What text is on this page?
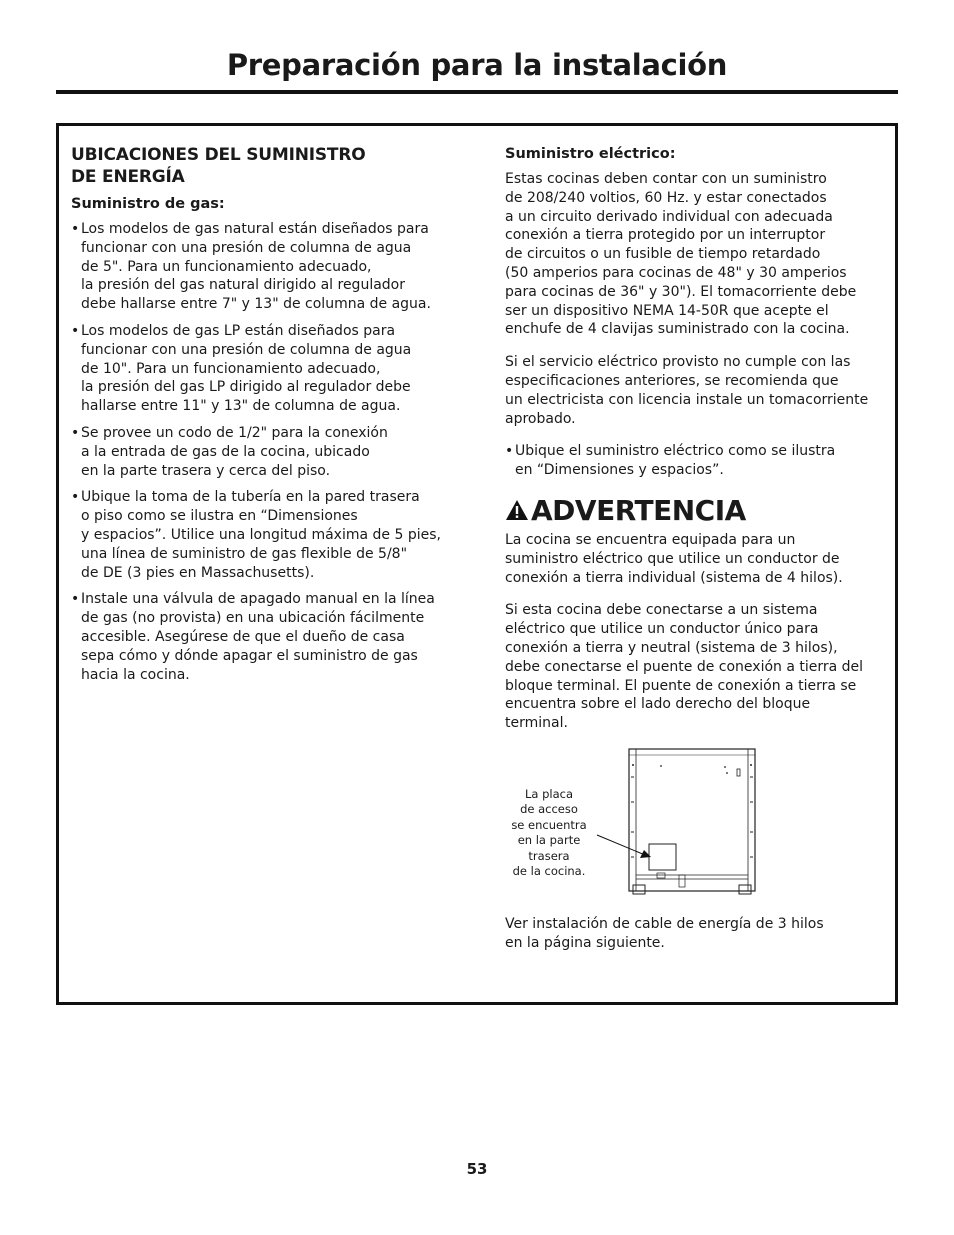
Preparación para la instalación
UBICACIONES DEL SUMINISTRO
DE ENERGÍA
Suministro de gas:
• Los modelos de gas natural están diseñados para
funcionar con una presión de columna de agua
de 5". Para un funcionamiento adecuado,
la presión del gas natural dirigido al regulador
debe hallarse entre 7" y 13" de columna de agua.
• Los modelos de gas LP están diseñados para
funcionar con una presión de columna de agua
de 10". Para un funcionamiento adecuado,
la presión del gas LP dirigido al regulador debe
hallarse entre 11" y 13" de columna de agua.
• Se provee un codo de 1/2" para la conexión
a la entrada de gas de la cocina, ubicado
en la parte trasera y cerca del piso.
• Ubique la toma de la tubería en la pared trasera
o piso como se ilustra en “Dimensiones
y espacios”. Utilice una longitud máxima de 5 pies,
una línea de suministro de gas flexible de 5/8"
de DE (3 pies en Massachusetts).
• Instale una válvula de apagado manual en la línea
de gas (no provista) en una ubicación fácilmente
accesible. Asegúrese de que el dueño de casa
sepa cómo y dónde apagar el suministro de gas
hacia la cocina.
Suministro eléctrico:

Estas cocinas deben contar con un suministro
de 208/240 voltios, 60 Hz. y estar conectados
a un circuito derivado individual con adecuada
conexión a tierra protegido por un interruptor
de circuitos o un fusible de tiempo retardado
(50 amperios para cocinas de 48" y 30 amperios
para cocinas de 36" y 30"). El tomacorriente debe
ser un dispositivo NEMA 14-50R que acepte el
enchufe de 4 clavijas suministrado con la cocina.

Si el servicio eléctrico provisto no cumple con las
especificaciones anteriores, se recomienda que
un electricista con licencia instale un tomacorriente
aprobado.

• Ubique el suministro eléctrico como se ilustra
en “Dimensiones y espacios”.
ADVERTENCIA

La cocina se encuentra equipada para un
suministro eléctrico que utilice un conductor de
conexión a tierra individual (sistema de 4 hilos).

Si esta cocina debe conectarse a un sistema
eléctrico que utilice un conductor único para
conexión a tierra y neutral (sistema de 3 hilos),
debe conectarse el puente de conexión a tierra del
bloque terminal. El puente de conexión a tierra se
encuentra sobre el lado derecho del bloque
terminal.

La placa
de acceso
se encuentra
en la parte
trasera
de la cocina.

Ver instalación de cable de energía de 3 hilos
en la página siguiente.

53
